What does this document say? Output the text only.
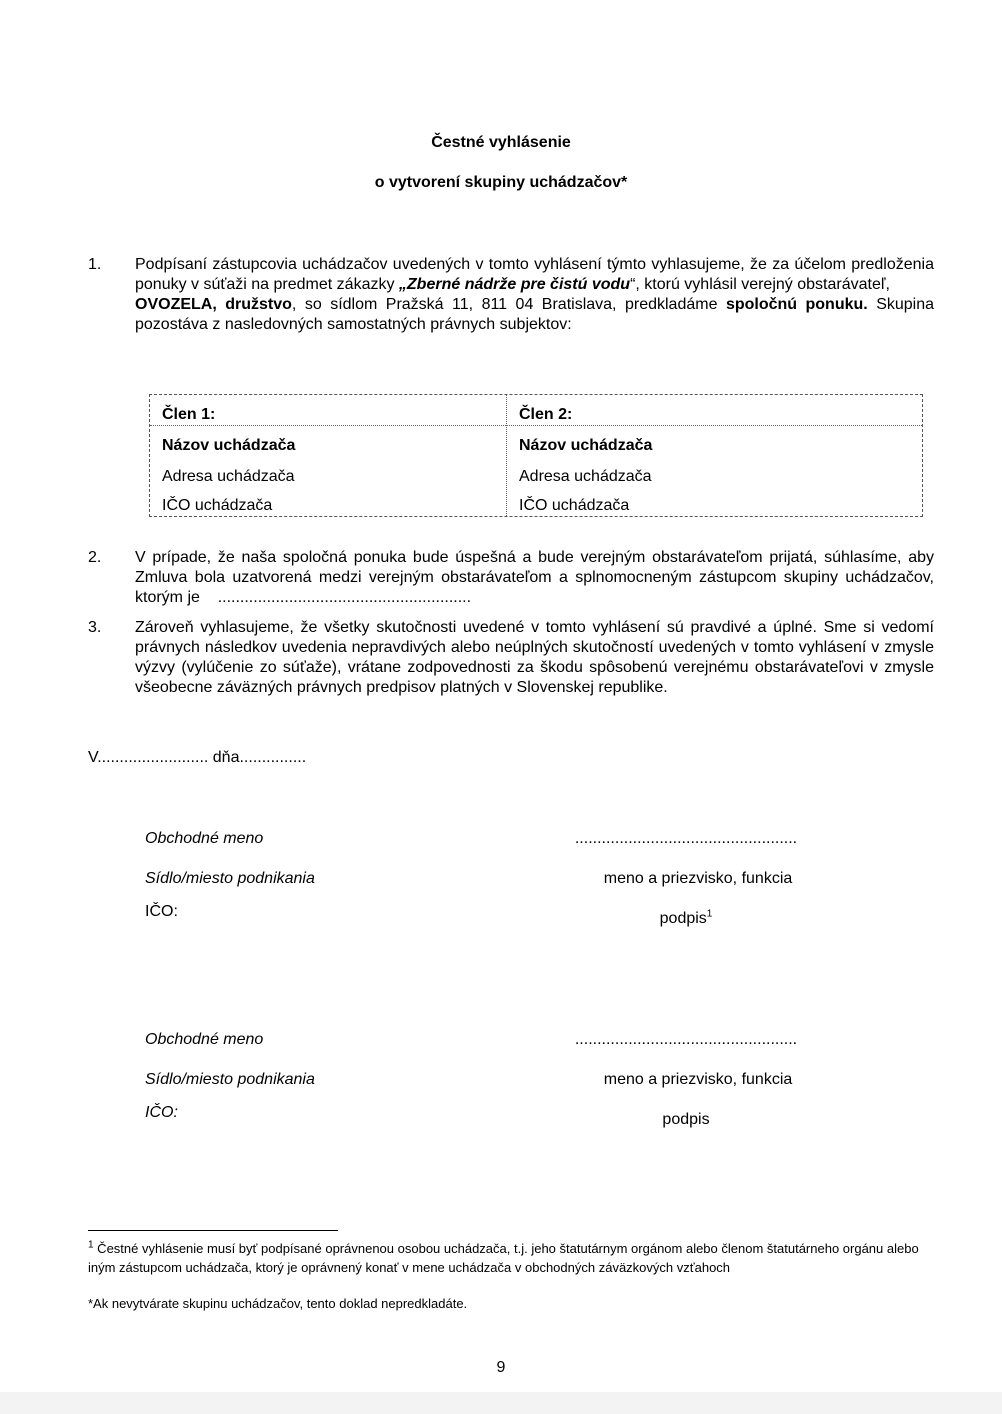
Čestné vyhlásenie
o vytvorení skupiny uchádzačov*
1. Podpísaní zástupcovia uchádzačov uvedených v tomto vyhlásení týmto vyhlasujeme, že za účelom predloženia ponuky v súťaži na predmet zákazky „Zberné nádrže pre čistú vodu“, ktorú vyhlásil verejný obstarávateľ,
OVOZELA, družstvo, so sídlom Pražská 11, 811 04 Bratislava, predkladáme spoločnú ponuku. Skupina pozostáva z nasledovných samostatných právnych subjektov:
Člen 1:
Názov uchádzača
Adresa uchádzača
IČO uchádzača
Člen 2:
Názov uchádzača
Adresa uchádzača
IČO uchádzača
2. V prípade, že naša spoločná ponuka bude úspešná a bude verejným obstarávateľom prijatá, súhlasíme, aby Zmluva bola uzatvorená medzi verejným obstarávateľom a splnomocneným zástupcom skupiny uchádzačov, ktorým je .........................................................
3. Zároveň vyhlasujeme, že všetky skutočnosti uvedené v tomto vyhlásení sú pravdivé a úplné. Sme si vedomí právnych následkov uvedenia nepravdivých alebo neúplných skutočností uvedených v tomto vyhlásení v zmysle výzvy (vylúčenie zo súťaže), vrátane zodpovednosti za škodu spôsobenú verejnému obstarávateľovi v zmysle všeobecne záväzných právnych predpisov platných v Slovenskej republike.
V......................... dňa...............
Obchodné meno
Sídlo/miesto podnikania
IČO:
..................................................
meno a priezvisko, funkcia
podpis$^1$
Obchodné meno
Sídlo/miesto podnikania
IČO:
..................................................
meno a priezvisko, funkcia
podpis
$^1$ Čestné vyhlásenie musí byť podpísané oprávnenou osobou uchádzača, t.j. jeho štatutárnym orgánom alebo členom štatutárneho orgánu alebo iným zástupcom uchádzača, ktorý je oprávnený konať v mene uchádzača v obchodných záväzkových vzťahoch
*Ak nevytvárate skupinu uchádzačov, tento doklad nepredkladáte.
9
